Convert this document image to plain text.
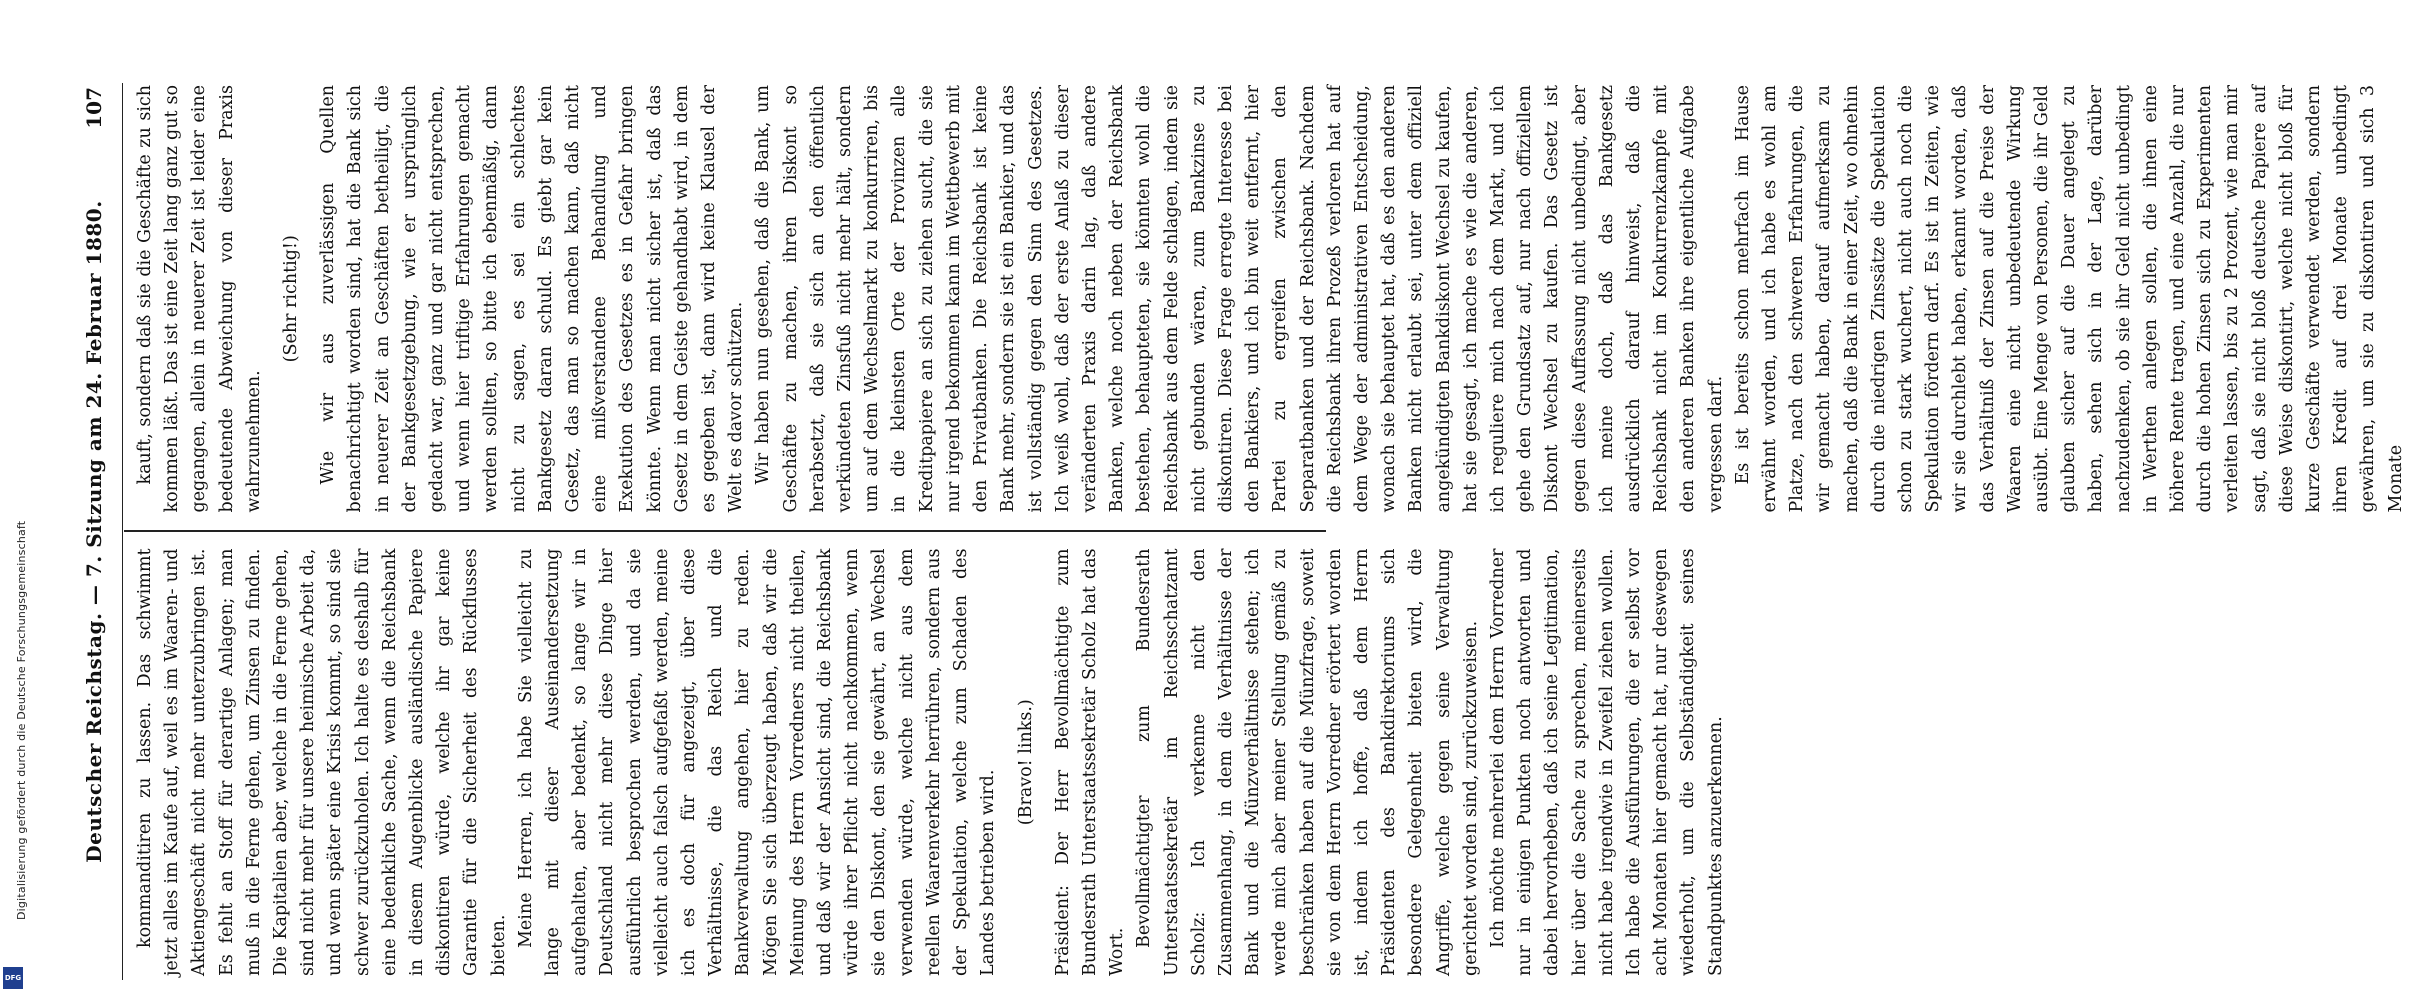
Deutscher Reichstag. — 7. Sitzung am 24. Februar 1880.
107

kommanditiren zu lassen. Das schwimmt jetzt alles im Kaufe auf, weil es im Waaren- und Aktiengeschäft nicht mehr unterzubringen ist. Es fehlt an Stoff für derartige Anlagen; man muß in die Ferne gehen, um Zinsen zu finden. Die Kapitalien aber, welche in die Ferne gehen, sind nicht mehr für unsere heimische Arbeit da, und wenn später eine Krisis kommt, so sind sie schwer zurückzuholen. Ich halte es deshalb für eine bedenkliche Sache, wenn die Reichsbank in diesem Augenblicke ausländische Papiere diskontiren würde, welche ihr gar keine Garantie für die Sicherheit des Rückflusses bieten. Meine Herren, ich habe Sie vielleicht zu lange mit dieser Auseinandersetzung aufgehalten, aber bedenkt, so lange wir in Deutschland nicht mehr diese Dinge hier ausführlich besprochen werden, und da sie vielleicht auch falsch aufgefaßt werden, meine ich es doch für angezeigt, über diese Verhältnisse, die das Reich und die Bankverwaltung angehen, hier zu reden. Mögen Sie sich überzeugt haben, daß wir die Meinung des Herrn Vorredners nicht theilen, und daß wir der Ansicht sind, die Reichsbank würde ihrer Pflicht nicht nachkommen, wenn sie den Diskont, den sie gewährt, an Wechsel verwenden würde, welche nicht aus dem reellen Waarenverkehr herrühren, sondern aus der Spekulation, welche zum Schaden des Landes betrieben wird.

(Bravo! links.) Präsident: Der Herr Bevollmächtigte zum Bundesrath Unterstaatssekretär Scholz hat das Wort.

Bevollmächtigter zum Bundesrath Unterstaatssekretär im Reichsschatzamt Scholz: Ich verkenne nicht den Zusammenhang, in dem die Verhältnisse der Bank und die Münzverhältnisse stehen; ich werde mich aber meiner Stellung gemäß zu beschränken haben auf die Münzfrage, soweit sie von dem Herrn Vorredner erörtert worden ist, indem ich hoffe, daß dem Herrn Präsidenten des Bankdirektoriums sich besondere Gelegenheit bieten wird, die Angriffe, welche gegen seine Verwaltung gerichtet worden sind, zurückzuweisen. Ich möchte mehrerlei dem Herrn Vorredner nur in einigen Punkten noch antworten und dabei hervorheben, daß ich seine Legitimation, hier über die Sache zu sprechen, meinerseits nicht habe irgendwie in Zweifel ziehen wollen. Ich habe die Ausführungen, die er selbst vor acht Monaten hier gemacht hat, nur deswegen wiederholt, um die Selbständigkeit seines Standpunktes anzuerkennen.

kauft, sondern daß sie die Geschäfte zu sich kommen läßt. Das ist eine Zeit lang ganz gut so gegangen, allein in neuerer Zeit ist leider eine bedeutende Abweichung von dieser Praxis wahrzunehmen.

(Sehr richtig!) Wie wir aus zuverlässigen Quellen benachrichtigt worden sind, hat die Bank sich in neuerer Zeit an Geschäften betheiligt, die der Bankgesetzgebung, wie er ursprünglich gedacht war, ganz und gar nicht entsprechen, und wenn hier triftige Erfahrungen gemacht werden sollten, so bitte ich ebenmäßig, dann nicht zu sagen, es sei ein schlechtes Bankgesetz daran schuld. Es giebt gar kein Gesetz, das man so machen kann, daß nicht eine mißverstandene Behandlung und Exekution des Gesetzes es in Gefahr bringen könnte. Wenn man nicht sicher ist, daß das Gesetz in dem Geiste gehandhabt wird, in dem es gegeben ist, dann wird keine Klausel der Welt es davor schützen. Wir haben nun gesehen, daß die Bank, um Geschäfte zu machen, ihren Diskont so herabsetzt, daß sie sich an den öffentlich verkündeten Zinsfuß nicht mehr hält, sondern um auf dem Wechselmarkt zu konkurriren, bis in die kleinsten Orte der Provinzen alle Kreditpapiere an sich zu ziehen sucht, die sie nur irgend bekommen kann im Wettbewerb mit den Privatbanken. Die Reichsbank ist keine Bank mehr, sondern sie ist ein Bankier, und das ist vollständig gegen den Sinn des Gesetzes. Ich weiß wohl, daß der erste Anlaß zu dieser veränderten Praxis darin lag, daß andere Banken, welche noch neben der Reichsbank bestehen, behaupteten, sie könnten wohl die Reichsbank aus dem Felde schlagen, indem sie nicht gebunden wären, zum Bankzinse zu diskontiren. Diese Frage erregte Interesse bei den Bankiers, und ich bin weit entfernt, hier Partei zu ergreifen zwischen den Separatbanken und der Reichsbank. Nachdem die Reichsbank ihren Prozeß verloren hat auf dem Wege der administrativen Entscheidung, wonach sie behauptet hat, daß es den anderen Banken nicht erlaubt sei, unter dem offiziell angekündigten Bankdiskont Wechsel zu kaufen, hat sie gesagt, ich mache es wie die anderen, ich reguliere mich nach dem Markt, und ich gehe den Grundsatz auf, nur nach offiziellem Diskont Wechsel zu kaufen. Das Gesetz ist gegen diese Auffassung nicht unbedingt, aber ich meine doch, daß das Bankgesetz ausdrücklich darauf hinweist, daß die Reichsbank nicht im Konkurrenzkampfe mit den anderen Banken ihre eigentliche Aufgabe vergessen darf. Es ist bereits schon mehrfach im Hause erwähnt worden, und ich habe es wohl am Platze, nach den schweren Erfahrungen, die wir gemacht haben, darauf aufmerksam zu machen, daß die Bank in einer Zeit, wo ohnehin durch die niedrigen Zinssätze die Spekulation schon zu stark wuchert, nicht auch noch die Spekulation fördern darf. Es ist in Zeiten, wie wir sie durchlebt haben, erkannt worden, daß das Verhältniß der Zinsen auf die Preise der Waaren eine nicht unbedeutende Wirkung ausübt. Eine Menge von Personen, die ihr Geld glauben sicher auf die Dauer angelegt zu haben, sehen sich in der Lage, darüber nachzudenken, ob sie ihr Geld nicht unbedingt in Werthen anlegen sollen, die ihnen eine höhere Rente tragen, und eine Anzahl, die nur durch die hohen Zinsen sich zu Experimenten verleiten lassen, bis zu 2 Prozent, wie man mir sagt, daß sie nicht bloß deutsche Papiere auf diese Weise diskontirt, welche nicht bloß für kurze Geschäfte verwendet werden, sondern ihren Kredit auf drei Monate unbedingt gewähren, um sie zu diskontiren und sich 3 Monate

Digitalisierung gefördert durch die Deutsche Forschungsgemeinschaft
DFG
